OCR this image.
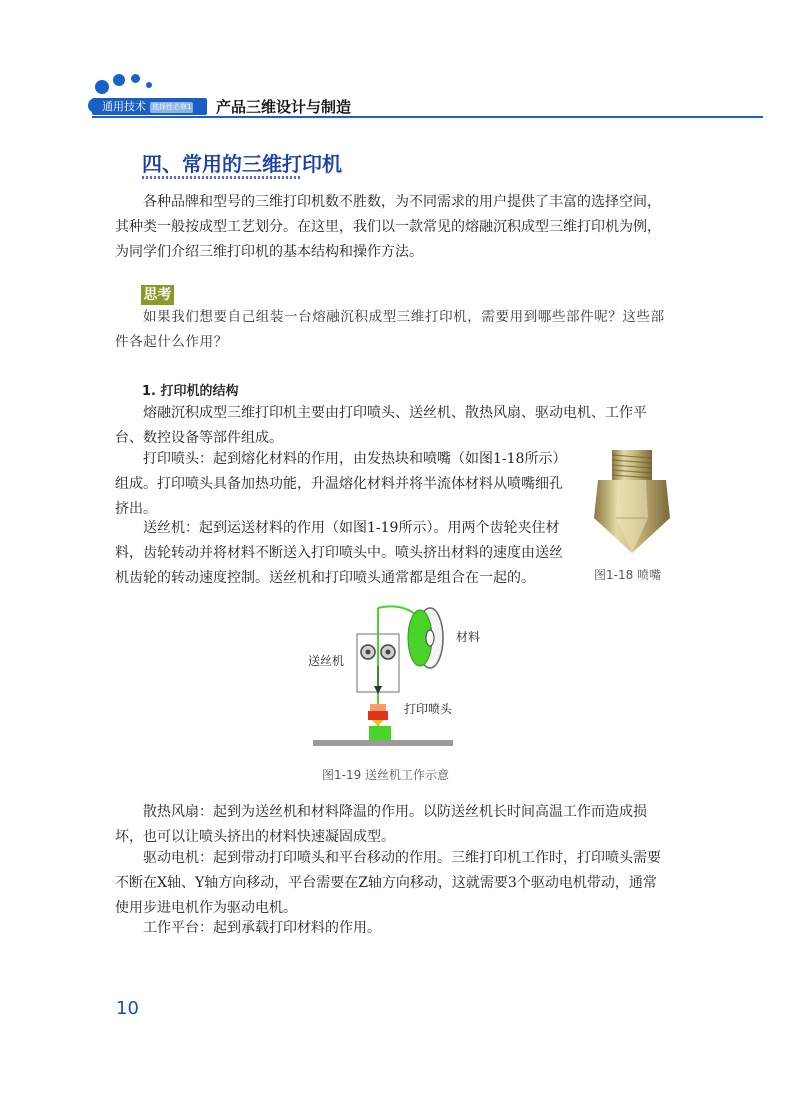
通用技术 选择性必修1	产品三维设计与制造
四、常用的三维打印机
各种品牌和型号的三维打印机数不胜数，为不同需求的用户提供了丰富的选择空间，
其种类一般按成型工艺划分。在这里，我们以一款常见的熔融沉积成型三维打印机为例，
为同学们介绍三维打印机的基本结构和操作方法。
思考
如果我们想要自己组装一台熔融沉积成型三维打印机，需要用到哪些部件呢？这些部
件各起什么作用？
1. 打印机的结构
熔融沉积成型三维打印机主要由打印喷头、送丝机、散热风扇、驱动电机、工作平
台、数控设备等部件组成。
打印喷头：起到熔化材料的作用，由发热块和喷嘴（如图1-18所示）
组成。打印喷头具备加热功能，升温熔化材料并将半流体材料从喷嘴细孔
挤出。
送丝机：起到运送材料的作用（如图1-19所示）。用两个齿轮夹住材
料，齿轮转动并将材料不断送入打印喷头中。喷头挤出材料的速度由送丝
机齿轮的转动速度控制。送丝机和打印喷头通常都是组合在一起的。	图1-18 喷嘴
材料
送丝机
打印喷头
图1-19 送丝机工作示意
散热风扇：起到为送丝机和材料降温的作用。以防送丝机长时间高温工作而造成损
坏，也可以让喷头挤出的材料快速凝固成型。
驱动电机：起到带动打印喷头和平台移动的作用。三维打印机工作时，打印喷头需要
不断在X轴、Y轴方向移动，平台需要在Z轴方向移动，这就需要3个驱动电机带动，通常
使用步进电机作为驱动电机。
工作平台：起到承载打印材料的作用。
10
